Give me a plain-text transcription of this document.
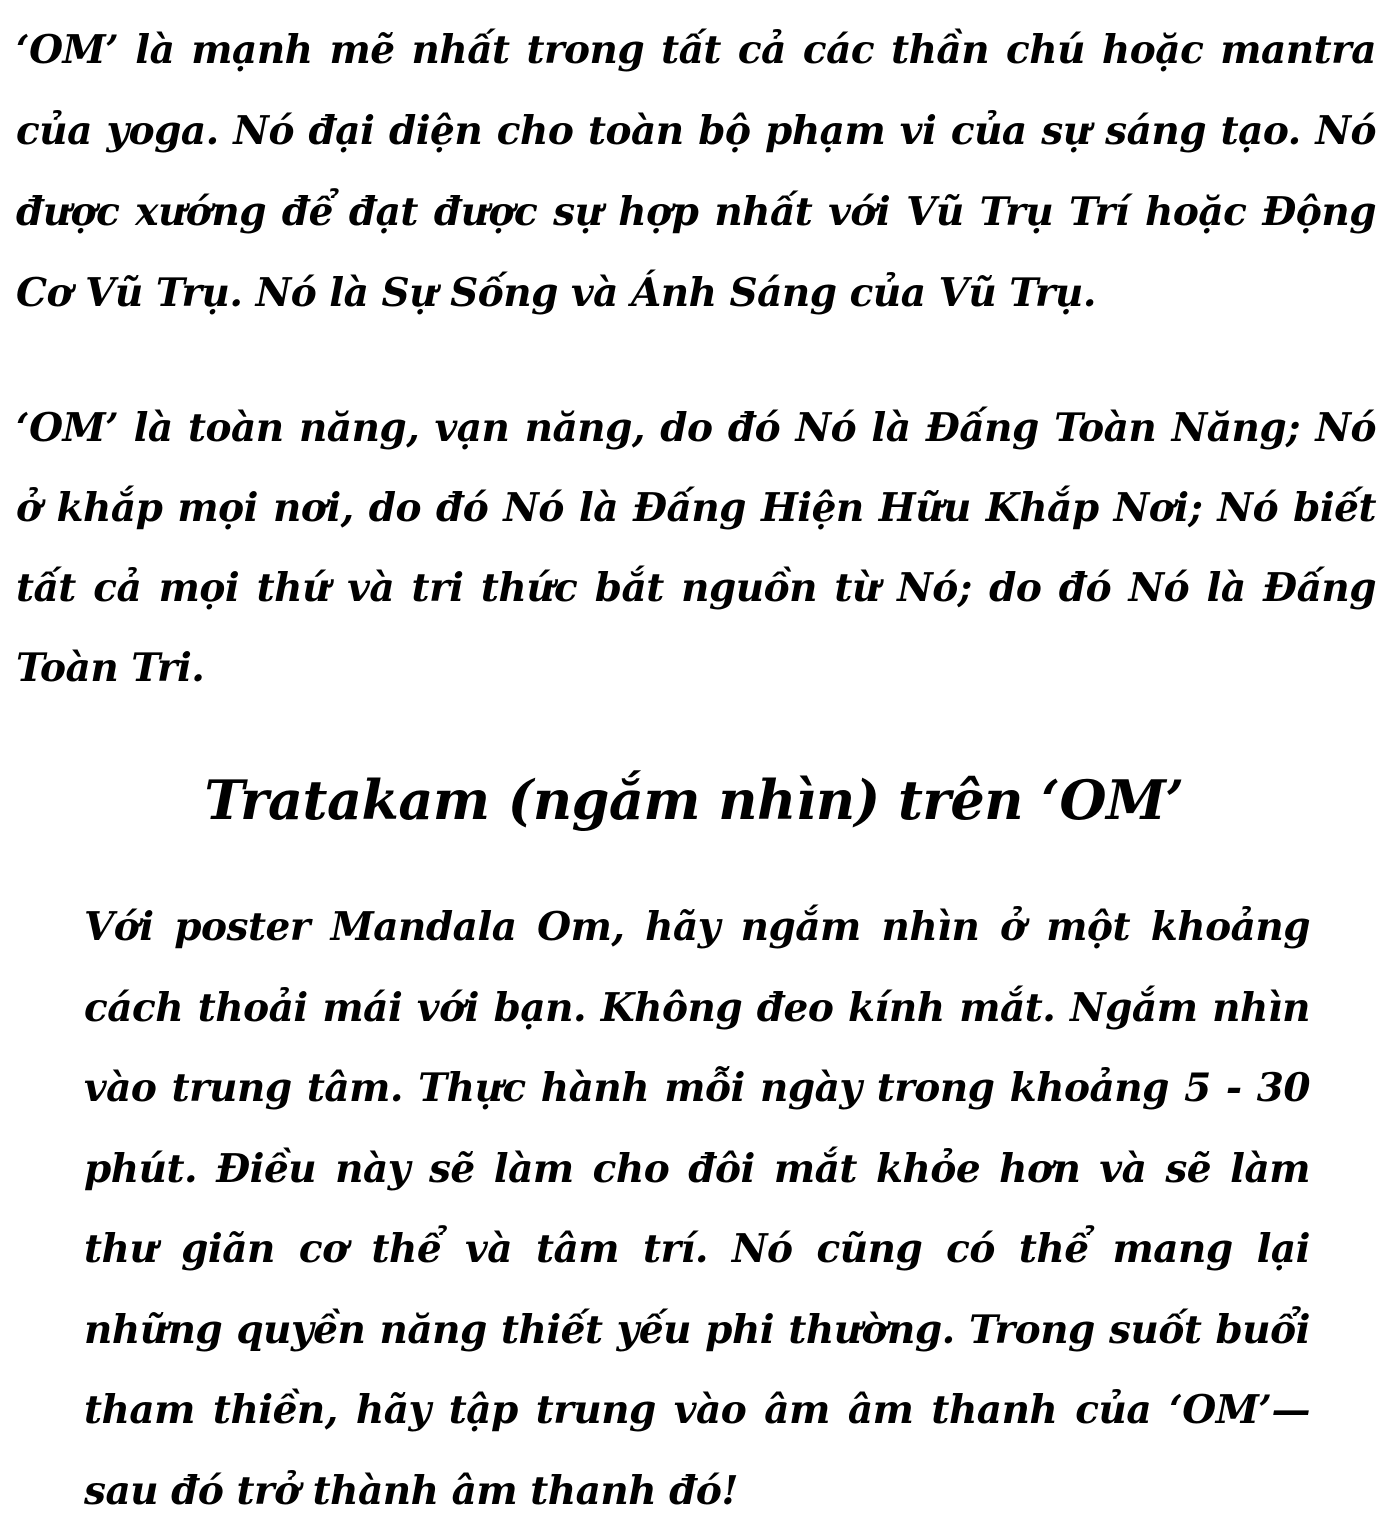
‘OM’ là mạnh mẽ nhất trong tất cả các thần chú hoặc mantra của yoga. Nó đại diện cho toàn bộ phạm vi của sự sáng tạo. Nó được xướng để đạt được sự hợp nhất với Vũ Trụ Trí hoặc Động Cơ Vũ Trụ. Nó là Sự Sống và Ánh Sáng của Vũ Trụ.

‘OM’ là toàn năng, vạn năng, do đó Nó là Đấng Toàn Năng; Nó ở khắp mọi nơi, do đó Nó là Đấng Hiện Hữu Khắp Nơi; Nó biết tất cả mọi thứ và tri thức bắt nguồn từ Nó; do đó Nó là Đấng Toàn Tri.

Tratakam (ngắm nhìn) trên ‘OM’

Với poster Mandala Om, hãy ngắm nhìn ở một khoảng cách thoải mái với bạn. Không đeo kính mắt. Ngắm nhìn vào trung tâm. Thực hành mỗi ngày trong khoảng 5 - 30 phút. Điều này sẽ làm cho đôi mắt khỏe hơn và sẽ làm thư giãn cơ thể và tâm trí. Nó cũng có thể mang lại những quyền năng thiết yếu phi thường. Trong suốt buổi tham thiền, hãy tập trung vào âm âm thanh của ‘OM’—sau đó trở thành âm thanh đó!
